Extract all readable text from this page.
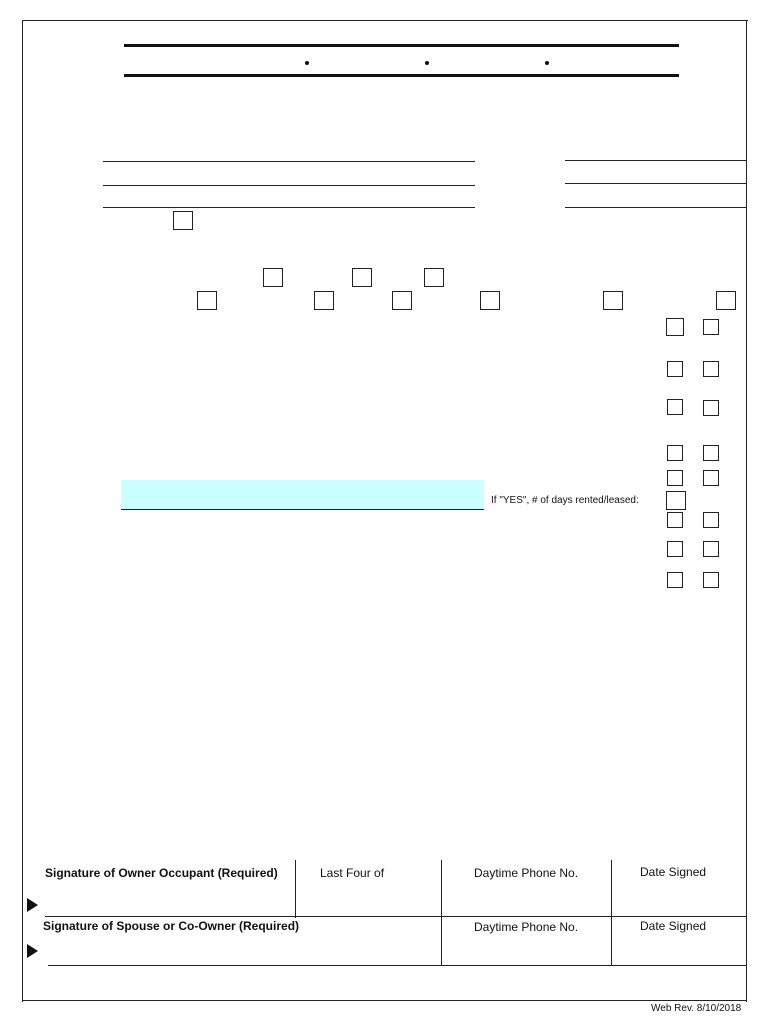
If "YES", # of days rented/leased:
Signature of Owner Occupant (Required)	Last Four of	Daytime Phone No.	Date Signed
Signature of Spouse or Co-Owner (Required)	Daytime Phone No.	Date Signed
Web Rev. 8/10/2018
